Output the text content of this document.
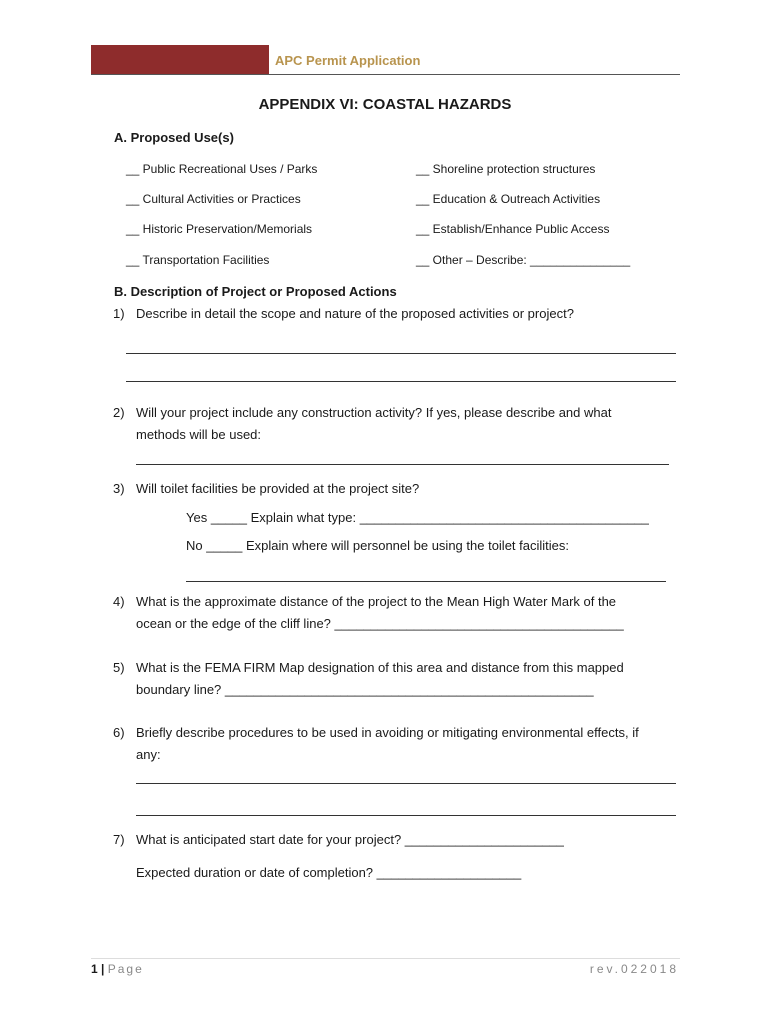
APC Permit Application
APPENDIX VI: COASTAL HAZARDS
A. Proposed Use(s)
__ Public Recreational Uses / Parks
__ Cultural Activities or Practices
__ Historic Preservation/Memorials
__ Transportation Facilities
__ Shoreline protection structures
__ Education & Outreach Activities
__ Establish/Enhance Public Access
__ Other – Describe: _______________
B. Description of Project or Proposed Actions
1) Describe in detail the scope and nature of the proposed activities or project?
2) Will your project include any construction activity? If yes, please describe and what
methods will be used:
3) Will toilet facilities be provided at the project site?
Yes _____ Explain what type: ________________________________________
No _____ Explain where will personnel be using the toilet facilities:
4) What is the approximate distance of the project to the Mean High Water Mark of the
ocean or the edge of the cliff line? ________________________________________
5) What is the FEMA FIRM Map designation of this area and distance from this mapped
boundary line? ___________________________________________________
6) Briefly describe procedures to be used in avoiding or mitigating environmental effects, if
any:
7) What is anticipated start date for your project? ______________________
Expected duration or date of completion? ____________________
1 | Page	rev.022018
